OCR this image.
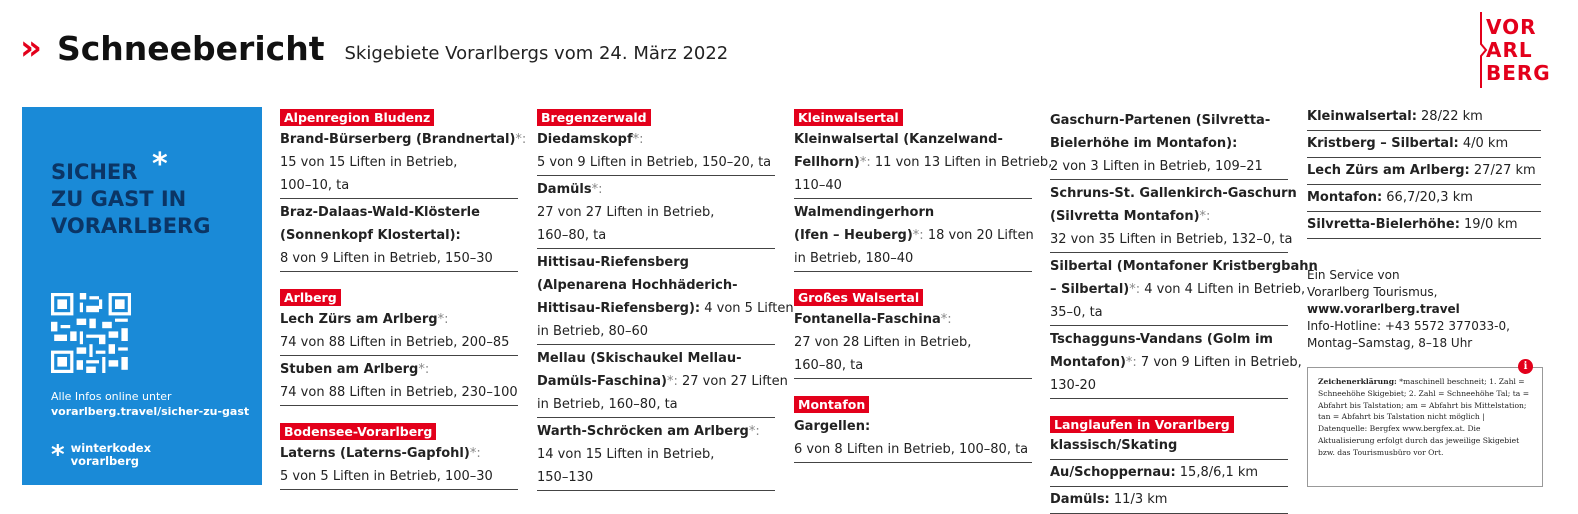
» Schneebericht Skigebiete Vorarlbergs vom 24. März 2022
VOR
ARL
BERG
SICHER
ZU GAST IN
VORARLBERG
*
Alle Infos online unter
vorarlberg.travel/sicher-zu-gast
* winterkodex
vorarlberg
Alpenregion Bludenz
Brand-Bürserberg (Brandnertal)*:
15 von 15 Liften in Betrieb,
100–10, ta
Braz-Dalaas-Wald-Klösterle
(Sonnenkopf Klostertal):
8 von 9 Liften in Betrieb, 150–30
Arlberg
Lech Zürs am Arlberg*:
74 von 88 Liften in Betrieb, 200–85
Stuben am Arlberg*:
74 von 88 Liften in Betrieb, 230–100
Bodensee-Vorarlberg
Laterns (Laterns-Gapfohl)*:
5 von 5 Liften in Betrieb, 100–30
Bregenzerwald
Diedamskopf*:
5 von 9 Liften in Betrieb, 150–20, ta
Damüls*:
27 von 27 Liften in Betrieb,
160–80, ta
Hittisau-Riefensberg
(Alpenarena Hochhäderich-
Hittisau-Riefensberg): 4 von 5 Liften
in Betrieb, 80–60
Mellau (Skischaukel Mellau-
Damüls-Faschina)*: 27 von 27 Liften
in Betrieb, 160–80, ta
Warth-Schröcken am Arlberg*:
14 von 15 Liften in Betrieb,
150–130
Kleinwalsertal
Kleinwalsertal (Kanzelwand-
Fellhorn)*: 11 von 13 Liften in Betrieb,
110–40
Walmendingerhorn
(Ifen – Heuberg)*: 18 von 20 Liften
in Betrieb, 180–40
Großes Walsertal
Fontanella-Faschina*:
27 von 28 Liften in Betrieb,
160–80, ta
Montafon
Gargellen:
6 von 8 Liften in Betrieb, 100–80, ta
Gaschurn-Partenen (Silvretta-
Bielerhöhe im Montafon):
2 von 3 Liften in Betrieb, 109–21
Schruns-St. Gallenkirch-Gaschurn
(Silvretta Montafon)*:
32 von 35 Liften in Betrieb, 132–0, ta
Silbertal (Montafoner Kristbergbahn
– Silbertal)*: 4 von 4 Liften in Betrieb,
35–0, ta
Tschagguns-Vandans (Golm im
Montafon)*: 7 von 9 Liften in Betrieb,
130-20
Langlaufen in Vorarlberg
klassisch/Skating
Au/Schoppernau: 15,8/6,1 km
Damüls: 11/3 km
Kleinwalsertal: 28/22 km
Kristberg – Silbertal: 4/0 km
Lech Zürs am Arlberg: 27/27 km
Montafon: 66,7/20,3 km
Silvretta-Bielerhöhe: 19/0 km
Ein Service von
Vorarlberg Tourismus,
www.vorarlberg.travel
Info-Hotline: +43 5572 377033-0,
Montag–Samstag, 8–18 Uhr
i
Zeichenerklärung: *maschinell beschneit; 1. Zahl = Schneehöhe Skigebiet; 2. Zahl = Schneehöhe Tal; ta = Abfahrt bis Talstation; am = Abfahrt bis Mittelstation; tan = Abfahrt bis Talstation nicht möglich | Datenquelle: Bergfex www.bergfex.at. Die Aktualisierung erfolgt durch das jeweilige Skigebiet bzw. das Tourismusbüro vor Ort.
